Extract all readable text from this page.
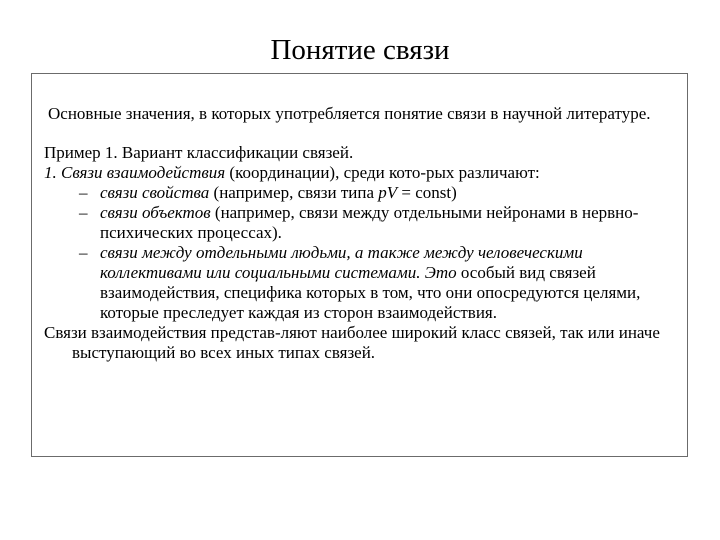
Понятие связи

Основные значения, в которых употребляется понятие связи в научной литературе.

Пример 1. Вариант классификации связей.

1. Связи взаимодействия (координации), среди кото-рых различают:

– связи свойства (например, связи типа pV = const)

– связи объектов (например, связи между отдельными нейронами в нервно-психических процессах).

– связи между отдельными людьми, а также между человеческими коллективами или социальными системами. Это особый вид связей взаимодействия, специфика которых в том, что они опосредуются целями, которые преследует каждая из сторон взаимодействия.

Связи взаимодействия представ-ляют наиболее широкий класс связей, так или иначе выступающий во всех иных типах связей.
